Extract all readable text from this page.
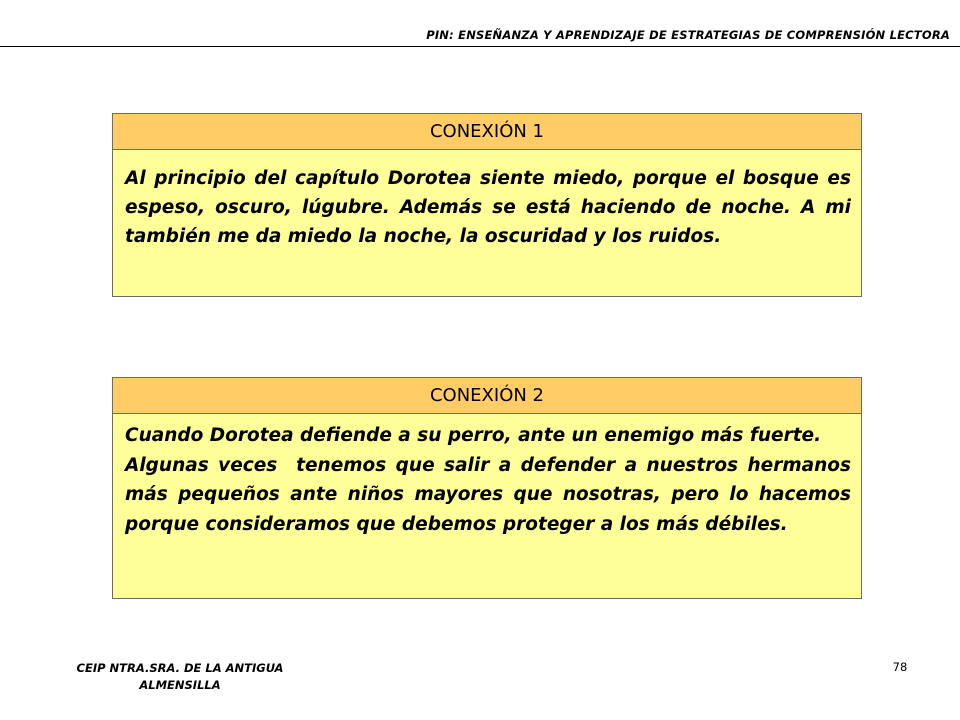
PIN: ENSEÑANZA Y APRENDIZAJE DE ESTRATEGIAS DE COMPRENSIÓN LECTORA
CONEXIÓN 1

Al principio del capítulo Dorotea siente miedo, porque el bosque es espeso, oscuro, lúgubre. Además se está haciendo de noche. A mi también me da miedo la noche, la oscuridad y los ruidos.

CONEXIÓN 2

Cuando Dorotea defiende a su perro, ante un enemigo más fuerte.

Algunas veces  tenemos que salir a defender a nuestros hermanos más pequeños ante niños mayores que nosotras, pero lo hacemos porque consideramos que debemos proteger a los más débiles.

CEIP NTRA.SRA. DE LA ANTIGUA
ALMENSILLA
78
